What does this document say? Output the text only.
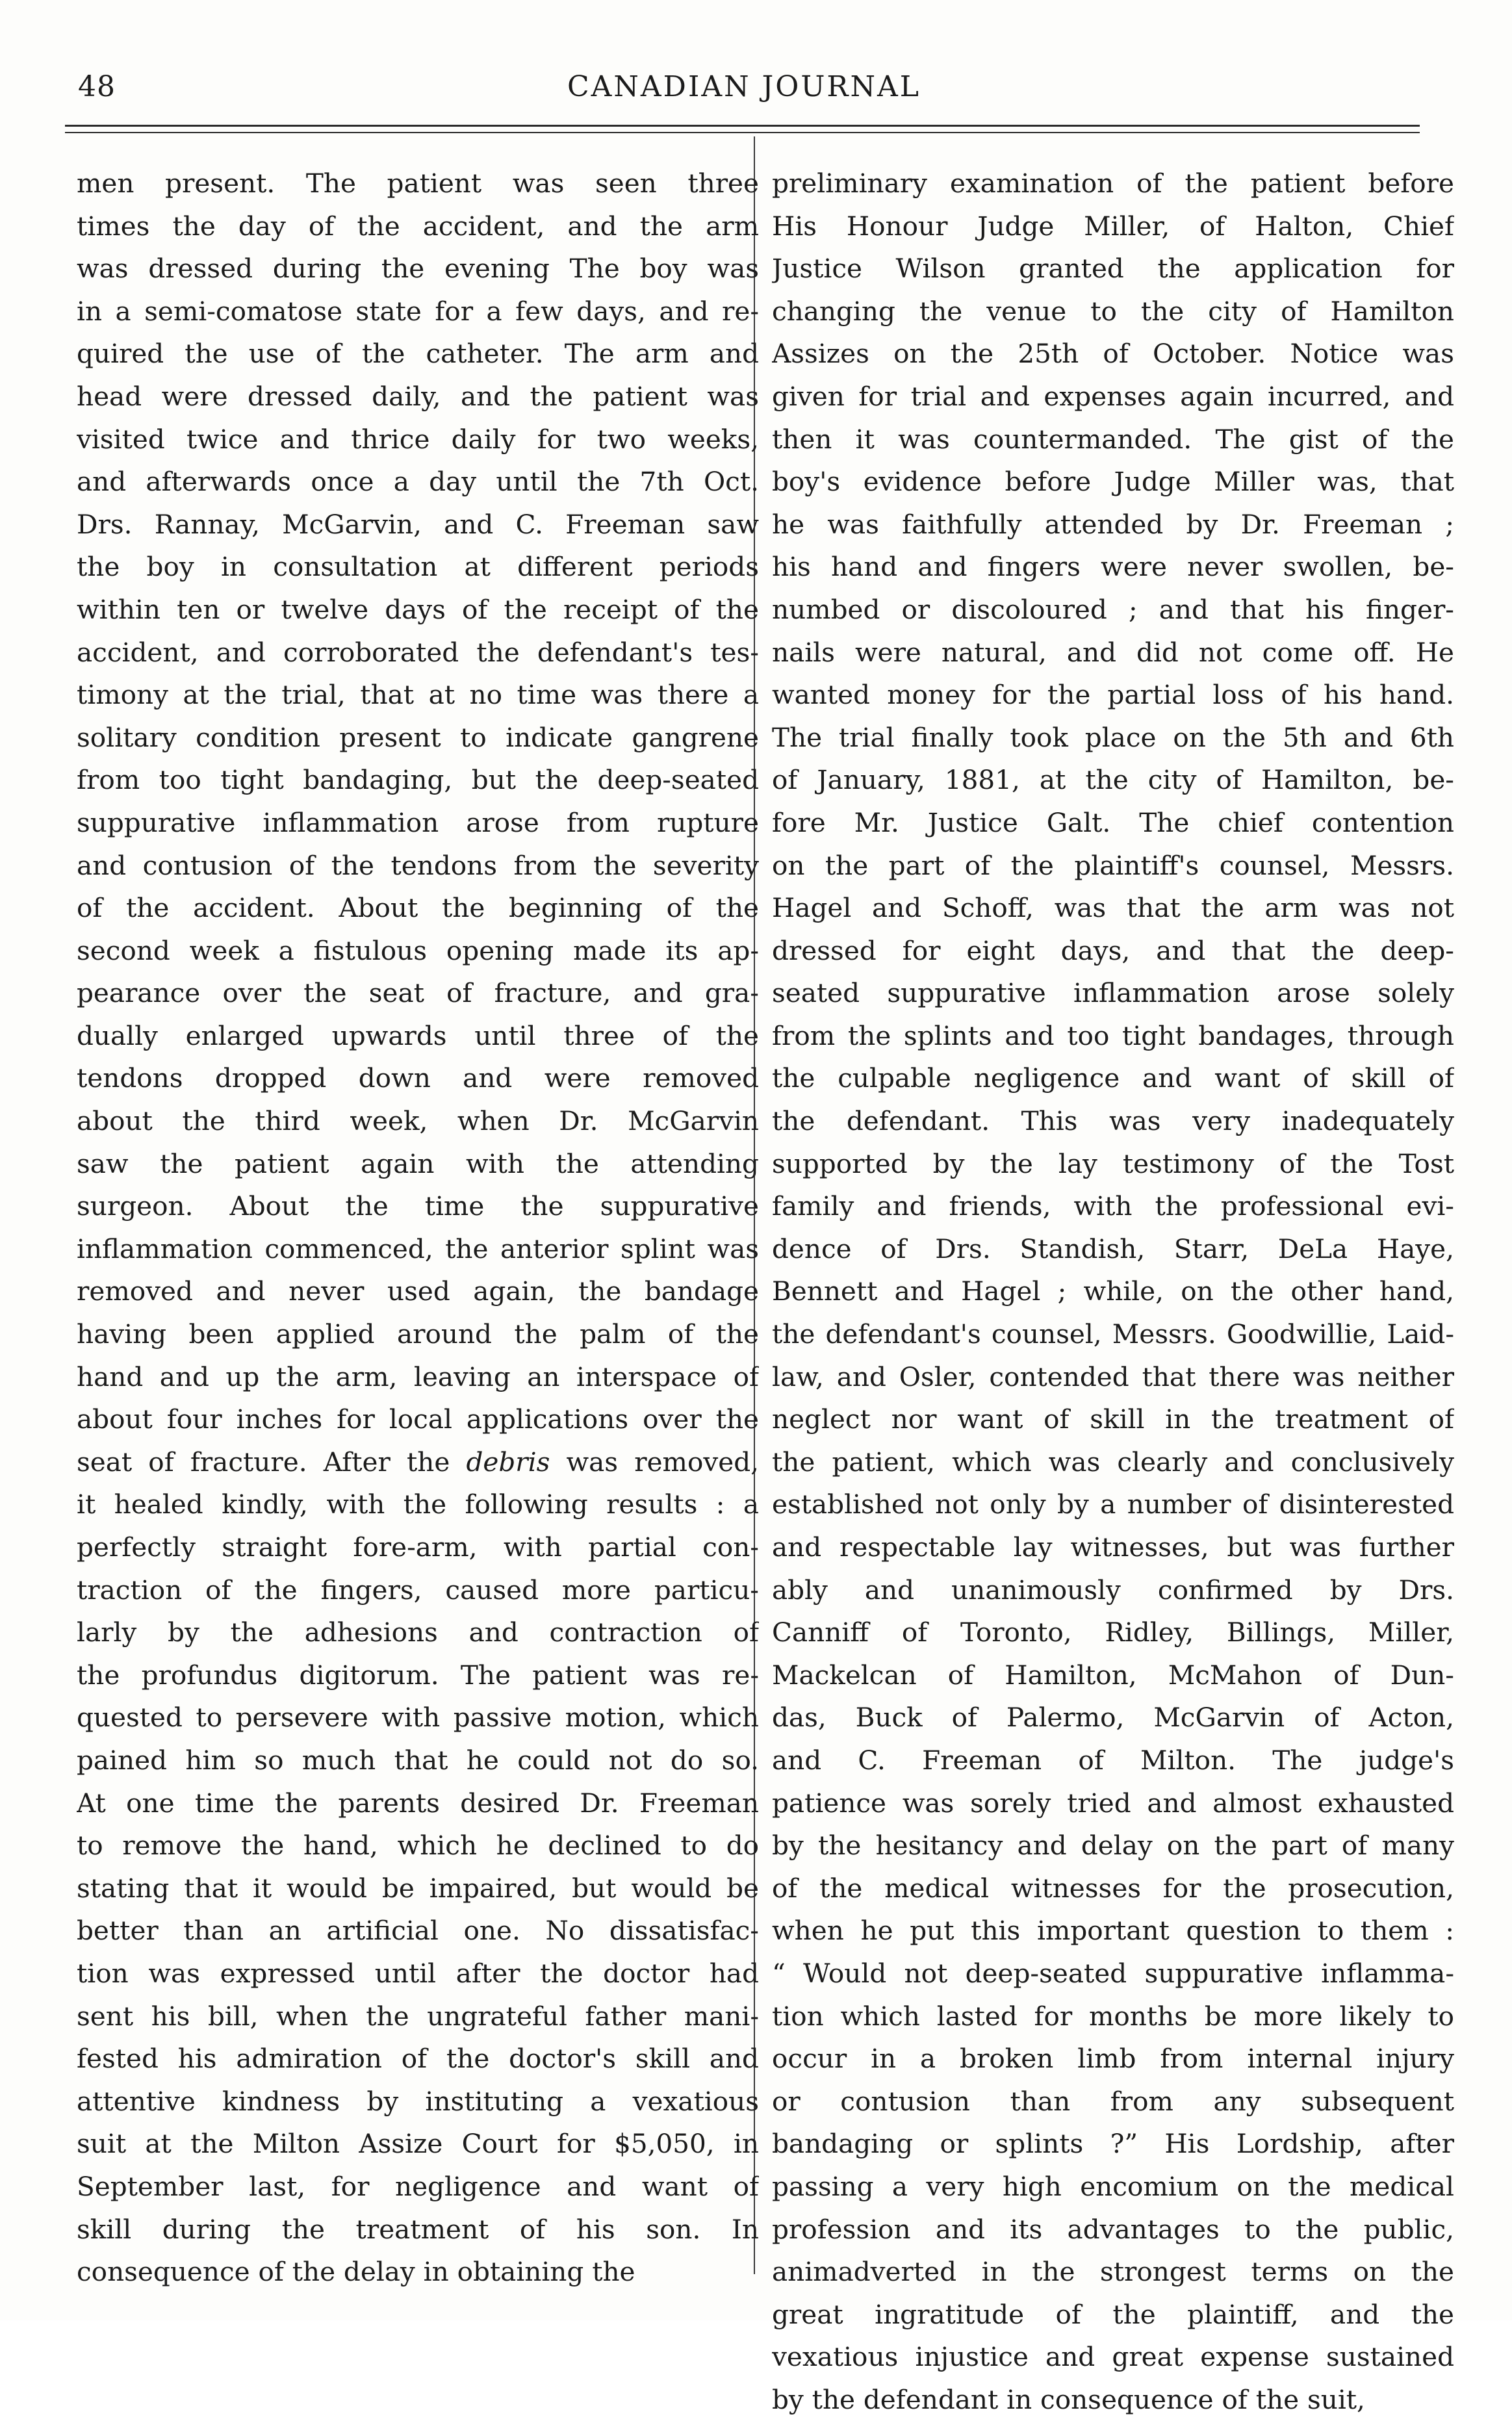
48	CANADIAN JOURNAL
men present. The patient was seen three
times the day of the accident, and the arm
was dressed during the evening The boy was
in a semi-comatose state for a few days, and re-
quired the use of the catheter. The arm and
head were dressed daily, and the patient was
visited twice and thrice daily for two weeks,
and afterwards once a day until the 7th Oct.
Drs. Rannay, McGarvin, and C. Freeman saw
the boy in consultation at different periods
within ten or twelve days of the receipt of the
accident, and corroborated the defendant's tes-
timony at the trial, that at no time was there a
solitary condition present to indicate gangrene
from too tight bandaging, but the deep-seated
suppurative inflammation arose from rupture
and contusion of the tendons from the severity
of the accident. About the beginning of the
second week a fistulous opening made its ap-
pearance over the seat of fracture, and gra-
dually enlarged upwards until three of the
tendons dropped down and were removed
about the third week, when Dr. McGarvin
saw the patient again with the attending
surgeon. About the time the suppurative
inflammation commenced, the anterior splint was
removed and never used again, the bandage
having been applied around the palm of the
hand and up the arm, leaving an interspace of
about four inches for local applications over the
seat of fracture. After the debris was removed,
it healed kindly, with the following results : a
perfectly straight fore-arm, with partial con-
traction of the fingers, caused more particu-
larly by the adhesions and contraction of
the profundus digitorum. The patient was re-
quested to persevere with passive motion, which
pained him so much that he could not do so.
At one time the parents desired Dr. Freeman
to remove the hand, which he declined to do
stating that it would be impaired, but would be
better than an artificial one. No dissatisfac-
tion was expressed until after the doctor had
sent his bill, when the ungrateful father mani-
fested his admiration of the doctor's skill and
attentive kindness by instituting a vexatious
suit at the Milton Assize Court for $5,050, in
September last, for negligence and want of
skill during the treatment of his son. In
consequence of the delay in obtaining the
preliminary examination of the patient before
His Honour Judge Miller, of Halton, Chief
Justice Wilson granted the application for
changing the venue to the city of Hamilton
Assizes on the 25th of October. Notice was
given for trial and expenses again incurred, and
then it was countermanded. The gist of the
boy's evidence before Judge Miller was, that
he was faithfully attended by Dr. Freeman ;
his hand and fingers were never swollen, be-
numbed or discoloured ; and that his finger-
nails were natural, and did not come off. He
wanted money for the partial loss of his hand.
The trial finally took place on the 5th and 6th
of January, 1881, at the city of Hamilton, be-
fore Mr. Justice Galt. The chief contention
on the part of the plaintiff's counsel, Messrs.
Hagel and Schoff, was that the arm was not
dressed for eight days, and that the deep-
seated suppurative inflammation arose solely
from the splints and too tight bandages, through
the culpable negligence and want of skill of
the defendant. This was very inadequately
supported by the lay testimony of the Tost
family and friends, with the professional evi-
dence of Drs. Standish, Starr, DeLa Haye,
Bennett and Hagel ; while, on the other hand,
the defendant's counsel, Messrs. Goodwillie, Laid-
law, and Osler, contended that there was neither
neglect nor want of skill in the treatment of
the patient, which was clearly and conclusively
established not only by a number of disinterested
and respectable lay witnesses, but was further
ably and unanimously confirmed by Drs.
Canniff of Toronto, Ridley, Billings, Miller,
Mackelcan of Hamilton, McMahon of Dun-
das, Buck of Palermo, McGarvin of Acton,
and C. Freeman of Milton. The judge's
patience was sorely tried and almost exhausted
by the hesitancy and delay on the part of many
of the medical witnesses for the prosecution,
when he put this important question to them :
“ Would not deep-seated suppurative inflamma-
tion which lasted for months be more likely to
occur in a broken limb from internal injury
or contusion than from any subsequent
bandaging or splints ?” His Lordship, after
passing a very high encomium on the medical
profession and its advantages to the public,
animadverted in the strongest terms on the
great ingratitude of the plaintiff, and the
vexatious injustice and great expense sustained
by the defendant in consequence of the suit,
